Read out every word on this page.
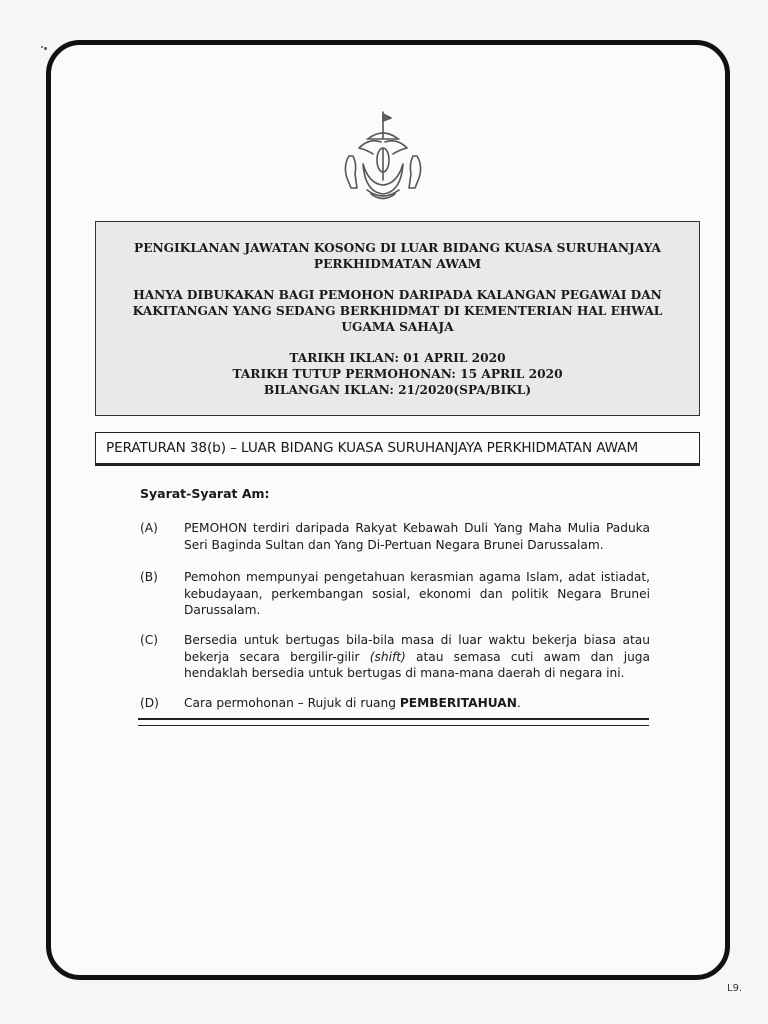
PENGIKLANAN JAWATAN KOSONG DI LUAR BIDANG KUASA SURUHANJAYA

PERKHIDMATAN AWAM

HANYA DIBUKAKAN BAGI PEMOHON DARIPADA KALANGAN PEGAWAI DAN

KAKITANGAN YANG SEDANG BERKHIDMAT DI KEMENTERIAN HAL EHWAL

UGAMA SAHAJA

TARIKH IKLAN: 01 APRIL 2020

TARIKH TUTUP PERMOHONAN: 15 APRIL 2020

BILANGAN IKLAN: 21/2020(SPA/BIKL)

PERATURAN 38(b) – LUAR BIDANG KUASA SURUHANJAYA PERKHIDMATAN AWAM
Syarat-Syarat Am:
(A) PEMOHON terdiri daripada Rakyat Kebawah Duli Yang Maha Mulia Paduka Seri Baginda Sultan dan Yang Di-Pertuan Negara Brunei Darussalam.
(B) Pemohon mempunyai pengetahuan kerasmian agama Islam, adat istiadat, kebudayaan, perkembangan sosial, ekonomi dan politik Negara Brunei Darussalam.
(C) Bersedia untuk bertugas bila-bila masa di luar waktu bekerja biasa atau bekerja secara bergilir-gilir (shift) atau semasa cuti awam dan juga hendaklah bersedia untuk bertugas di mana-mana daerah di negara ini.
(D) Cara permohonan – Rujuk di ruang PEMBERITAHUAN.
L9.
